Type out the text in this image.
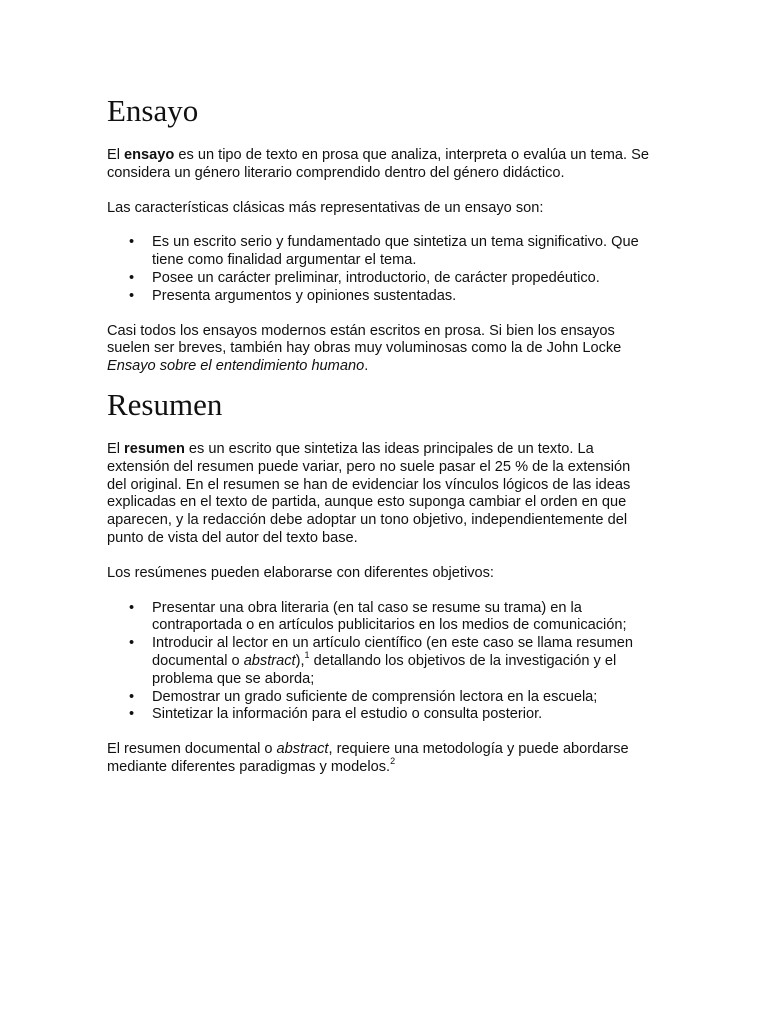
Ensayo

El ensayo es un tipo de texto en prosa que analiza, interpreta o evalúa un tema. Se considera un género literario comprendido dentro del género didáctico.

Las características clásicas más representativas de un ensayo son:

• Es un escrito serio y fundamentado que sintetiza un tema significativo. Que tiene como finalidad argumentar el tema.
• Posee un carácter preliminar, introductorio, de carácter propedéutico.
• Presenta argumentos y opiniones sustentadas.

Casi todos los ensayos modernos están escritos en prosa. Si bien los ensayos suelen ser breves, también hay obras muy voluminosas como la de John Locke Ensayo sobre el entendimiento humano.

Resumen

El resumen es un escrito que sintetiza las ideas principales de un texto. La extensión del resumen puede variar, pero no suele pasar el 25 % de la extensión del original. En el resumen se han de evidenciar los vínculos lógicos de las ideas explicadas en el texto de partida, aunque esto suponga cambiar el orden en que aparecen, y la redacción debe adoptar un tono objetivo, independientemente del punto de vista del autor del texto base.

Los resúmenes pueden elaborarse con diferentes objetivos:

• Presentar una obra literaria (en tal caso se resume su trama) en la contraportada o en artículos publicitarios en los medios de comunicación;
• Introducir al lector en un artículo científico (en este caso se llama resumen documental o abstract),$^1$ detallando los objetivos de la investigación y el problema que se aborda;
• Demostrar un grado suficiente de comprensión lectora en la escuela;
• Sintetizar la información para el estudio o consulta posterior.

El resumen documental o abstract, requiere una metodología y puede abordarse mediante diferentes paradigmas y modelos.$^2$
